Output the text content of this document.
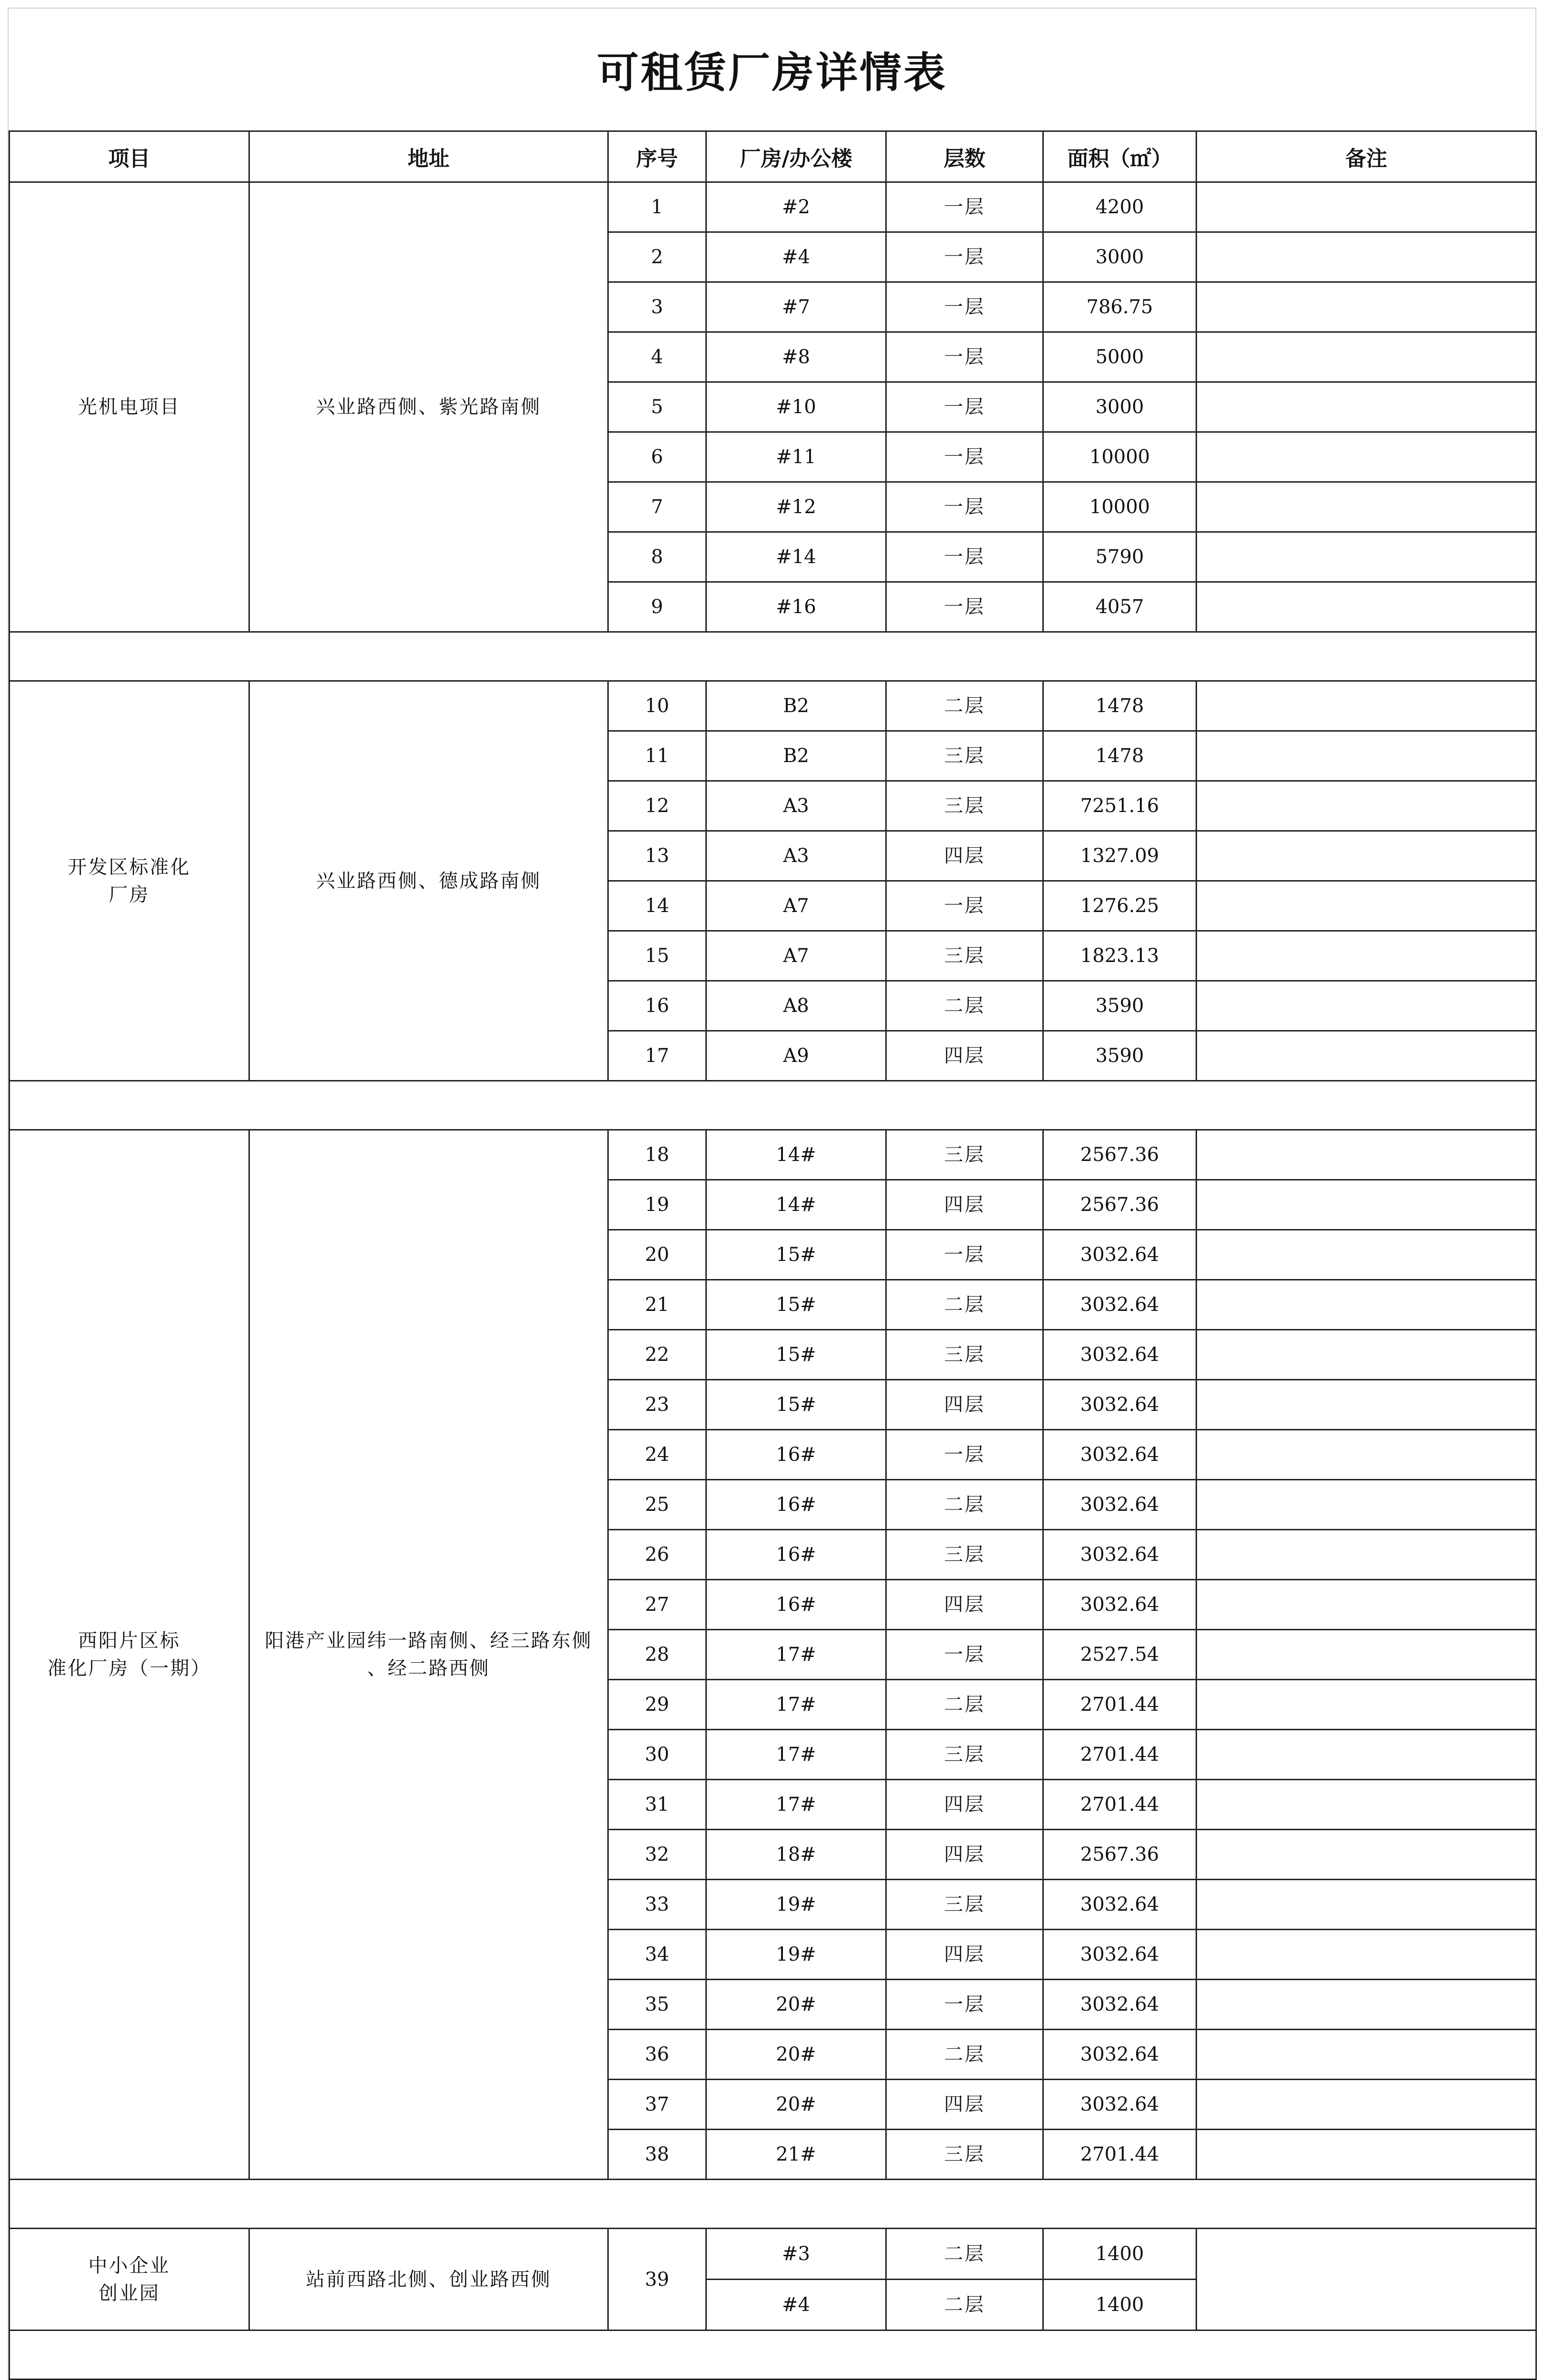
可租赁厂房详情表
项目	地址	序号	厂房/办公楼	层数	面积（㎡）	备注
光机电项目	兴业路西侧、紫光路南侧	1	#2	一层	4200	
		2	#4	一层	3000	
		3	#7	一层	786.75	
		4	#8	一层	5000	
		5	#10	一层	3000	
		6	#11	一层	10000	
		7	#12	一层	10000	
		8	#14	一层	5790	
		9	#16	一层	4057	

开发区标准化
厂房	兴业路西侧、德成路南侧	10	B2	二层	1478	
		11	B2	三层	1478	
		12	A3	三层	7251.16	
		13	A3	四层	1327.09	
		14	A7	一层	1276.25	
		15	A7	三层	1823.13	
		16	A8	二层	3590	
		17	A9	四层	3590	

西阳片区标
准化厂房（一期）	阳港产业园纬一路南侧、经三路东侧
、经二路西侧	18	14#	三层	2567.36	
		19	14#	四层	2567.36	
		20	15#	一层	3032.64	
		21	15#	二层	3032.64	
		22	15#	三层	3032.64	
		23	15#	四层	3032.64	
		24	16#	一层	3032.64	
		25	16#	二层	3032.64	
		26	16#	三层	3032.64	
		27	16#	四层	3032.64	
		28	17#	一层	2527.54	
		29	17#	二层	2701.44	
		30	17#	三层	2701.44	
		31	17#	四层	2701.44	
		32	18#	四层	2567.36	
		33	19#	三层	3032.64	
		34	19#	四层	3032.64	
		35	20#	一层	3032.64	
		36	20#	二层	3032.64	
		37	20#	四层	3032.64	
		38	21#	三层	2701.44	

中小企业
创业园	站前西路北侧、创业路西侧	39	#3	二层	1400	
			#4	二层	1400	
